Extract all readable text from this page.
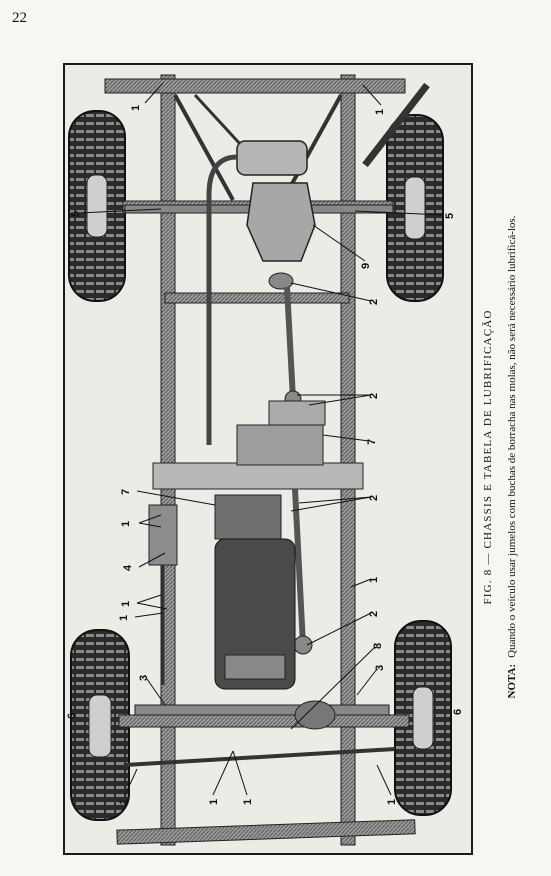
22
1
1
5	5
9
2
2
7
7
2
1
4
1
1
1
2
3
3
8
6
6
1	1 1	1
FIG. 8 — CHASSIS E TABELA DE LUBRIFICAÇÃO
NOTA:Quando o veículo usar jumelos com buchas de borracha nas molas, não será necessário lubrificá-los.
